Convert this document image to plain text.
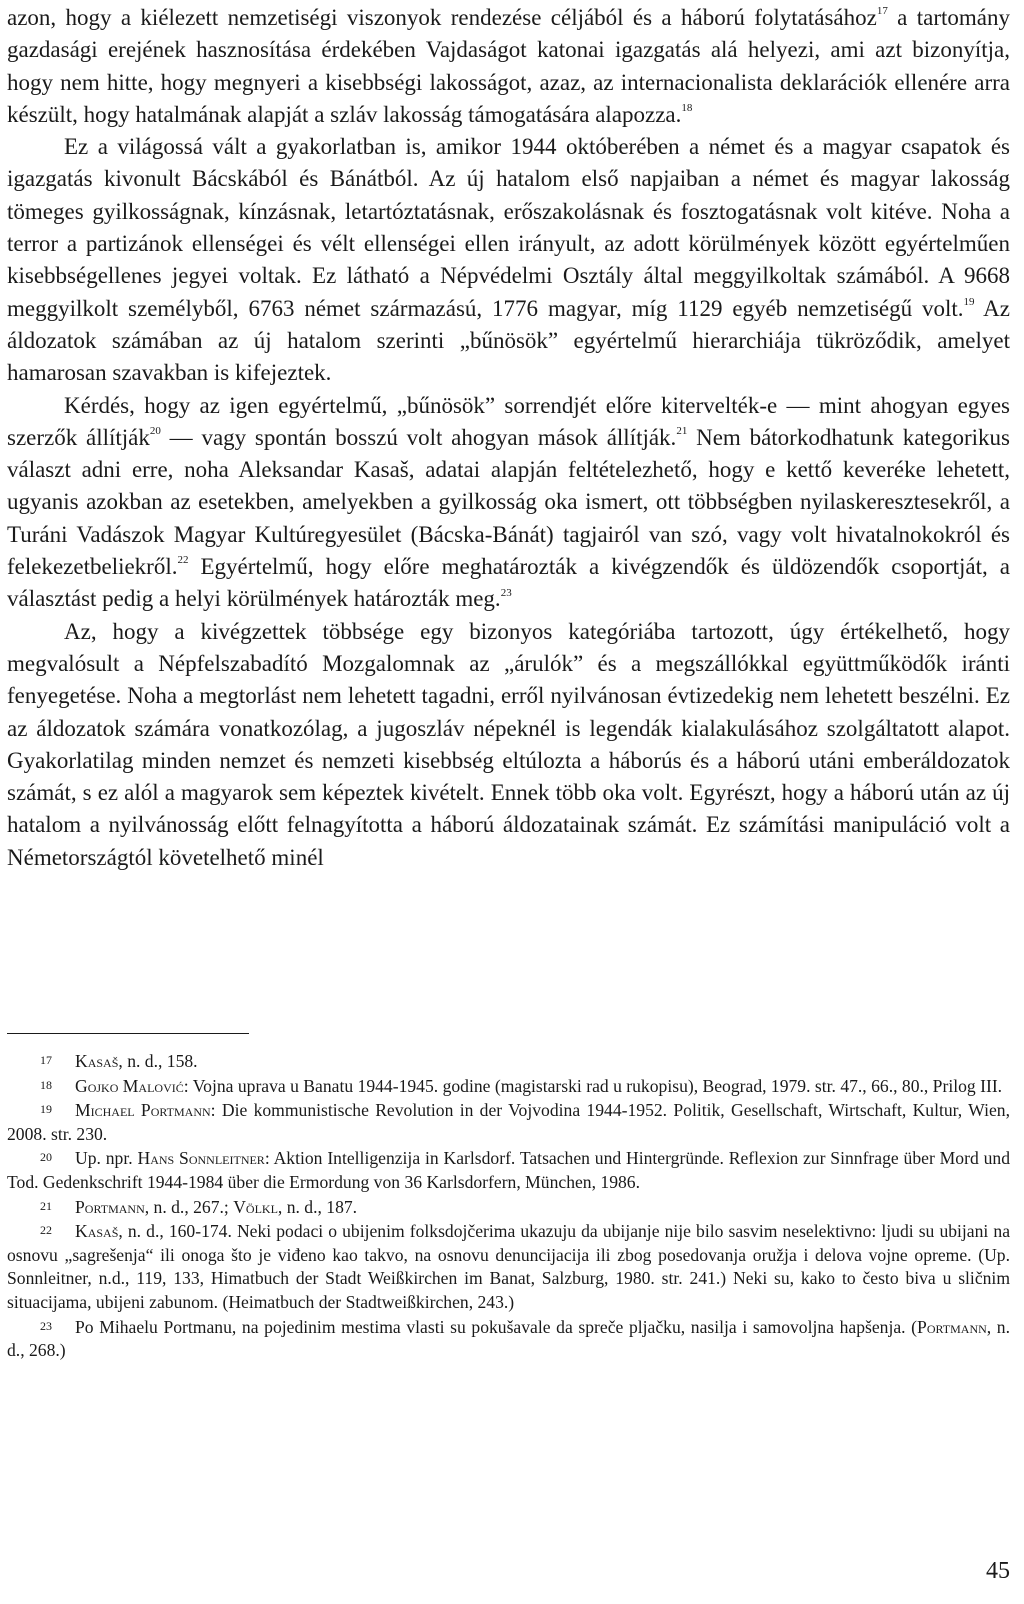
azon, hogy a kiélezett nemzetiségi viszonyok rendezése céljából és a háború folytatásához$^{17}$ a tartomány gazdasági erejének hasznosítása érdekében Vajdaságot katonai igazgatás alá helyezi, ami azt bizonyítja, hogy nem hitte, hogy megnyeri a kisebbségi lakosságot, azaz, az internacionalista deklarációk ellenére arra készült, hogy hatalmának alapját a szláv lakosság támogatására alapozza.$^{18}$

Ez a világossá vált a gyakorlatban is, amikor 1944 októberében a német és a magyar csapatok és igazgatás kivonult Bácskából és Bánátból. Az új hatalom első napjaiban a német és magyar lakosság tömeges gyilkosságnak, kínzásnak, letartóztatásnak, erőszakolásnak és fosztogatásnak volt kitéve. Noha a terror a partizánok ellenségei és vélt ellenségei ellen irányult, az adott körülmények között egyértelműen kisebbségellenes jegyei voltak. Ez látható a Népvédelmi Osztály által meggyilkoltak számából. A 9668 meggyilkolt személyből, 6763 német származású, 1776 magyar, míg 1129 egyéb nemzetiségű volt.$^{19}$ Az áldozatok számában az új hatalom szerinti „bűnösök” egyértelmű hierarchiája tükröződik, amelyet hamarosan szavakban is kifejeztek.

Kérdés, hogy az igen egyértelmű, „bűnösök” sorrendjét előre kitervelték-e — mint ahogyan egyes szerzők állítják$^{20}$ — vagy spontán bosszú volt ahogyan mások állítják.$^{21}$ Nem bátorkodhatunk kategorikus választ adni erre, noha Aleksandar Kasaš, adatai alapján feltételezhető, hogy e kettő keveréke lehetett, ugyanis azokban az esetekben, amelyekben a gyilkosság oka ismert, ott többségben nyilaskeresztesekről, a Turáni Vadászok Magyar Kultúregyesület (Bácska-Bánát) tagjairól van szó, vagy volt hivatalnokokról és felekezetbeliekről.$^{22}$ Egyértelmű, hogy előre meghatározták a kivégzendők és üldözendők csoportját, a választást pedig a helyi körülmények határozták meg.$^{23}$

Az, hogy a kivégzettek többsége egy bizonyos kategóriába tartozott, úgy értékelhető, hogy megvalósult a Népfelszabadító Mozgalomnak az „árulók” és a megszállókkal együttműködők iránti fenyegetése. Noha a megtorlást nem lehetett tagadni, erről nyilvánosan évtizedekig nem lehetett beszélni. Ez az áldozatok számára vonatkozólag, a jugoszláv népeknél is legendák kialakulásához szolgáltatott alapot. Gyakorlatilag minden nemzet és nemzeti kisebbség eltúlozta a háborús és a háború utáni emberáldozatok számát, s ez alól a magyarok sem képeztek kivételt. Ennek több oka volt. Egyrészt, hogy a háború után az új hatalom a nyilvánosság előtt felnagyította a háború áldozatainak számát. Ez számítási manipuláció volt a Németországtól követelhető minél

17 Kasaš, n. d., 158.

18 Gojko Malović: Vojna uprava u Banatu 1944-1945. godine (magistarski rad u rukopisu), Beograd, 1979. str. 47., 66., 80., Prilog III.

19 Michael Portmann: Die kommunistische Revolution in der Vojvodina 1944-1952. Politik, Gesellschaft, Wirtschaft, Kultur, Wien, 2008. str. 230.

20 Up. npr. Hans Sonnleitner: Aktion Intelligenzija in Karlsdorf. Tatsachen und Hintergründe. Reflexion zur Sinnfrage über Mord und Tod. Gedenkschrift 1944-1984 über die Ermordung von 36 Karlsdorfern, München, 1986.

21 Portmann, n. d., 267.; Völkl, n. d., 187.

22 Kasaš, n. d., 160-174. Neki podaci o ubijenim folksdojčerima ukazuju da ubijanje nije bilo sasvim neselektivno: ljudi su ubijani na osnovu „sagrešenja“ ili onoga što je viđeno kao takvo, na osnovu denuncijacija ili zbog posedovanja oružja i delova vojne opreme. (Up. Sonnleitner, n.d., 119, 133, Himatbuch der Stadt Weißkirchen im Banat, Salzburg, 1980. str. 241.) Neki su, kako to često biva u sličnim situacijama, ubijeni zabunom. (Heimatbuch der Stadtweißkirchen, 243.)

23 Po Mihaelu Portmanu, na pojedinim mestima vlasti su pokušavale da spreče pljačku, nasilja i samovoljna hapšenja. (Portmann, n. d., 268.)

45
